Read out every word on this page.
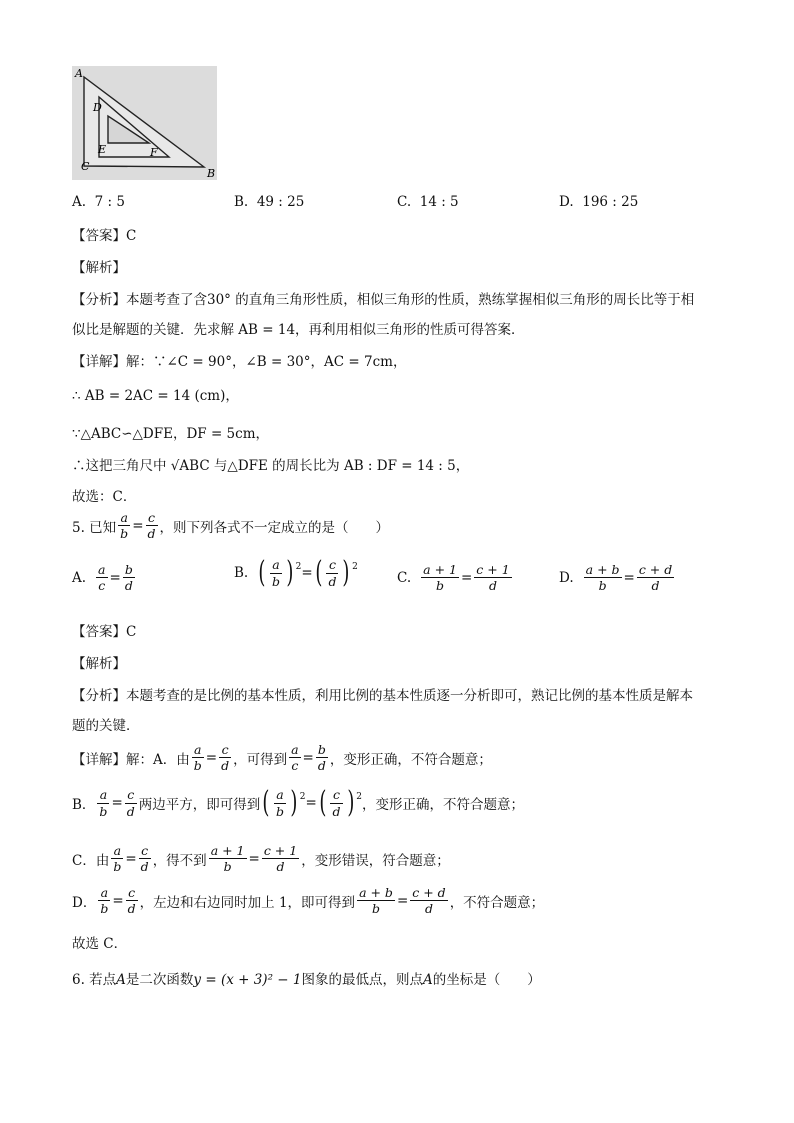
A
D
E	F
C
B
A. 7 : 5	B. 49 : 25	C. 14 : 5	D. 196 : 25
【答案】C
【解析】
【分析】本题考查了含30° 的直角三角形性质，相似三角形的性质，熟练掌握相似三角形的周长比等于相
似比是解题的关键．先求解 AB = 14，再利用相似三角形的性质可得答案．
【详解】解：∵∠C = 90°，∠B = 30°，AC = 7cm，
∴ AB = 2AC = 14 (cm)，
∵△ABC∽△DFE，DF = 5cm，
∴这把三角尺中 √ABC 与△DFE 的周长比为 AB : DF = 14 : 5，
故选：C．
5. 已知 $\frac{a}{b} = \frac{c}{d}$ ，则下列各式不一定成立的是（　　）
A. $\frac{a}{c} = \frac{b}{d}$	B. ( $\frac{a}{b}$ ) 2 = ( $\frac{c}{d}$ ) 2
C. $\frac{a + 1}{b} = \frac{c + 1}{d}$	D. $\frac{a + b}{b} = \frac{c + d}{d}$
【答案】C
【解析】
【分析】本题考查的是比例的基本性质，利用比例的基本性质逐一分析即可，熟记比例的基本性质是解本
题的关键．
【详解】 解：A．由 $\frac{a}{b} = \frac{c}{d}$ ，可得到 $\frac{a}{c} = \frac{b}{d}$ ，变形正确，不符合题意；
B． $\frac{a}{b} = \frac{c}{d}$ 两边平方，即可得到 ( $\frac{a}{b}$ ) 2 = ( $\frac{c}{d}$ ) 2 ，变形正确，不符合题意；
C．由 $\frac{a}{b} = \frac{c}{d}$ ，得不到 $\frac{a + 1}{b} = \frac{c + 1}{d}$ ，变形错误，符合题意；
D． $\frac{a}{b} = \frac{c}{d}$ ，左边和右边同时加上 1，即可得到 $\frac{a + b}{b} = \frac{c + d}{d}$ ，不符合题意；
故选 C．
6. 若点A是二次函数y = (x + 3)² − 1图象的最低点，则点A的坐标是（　　）
